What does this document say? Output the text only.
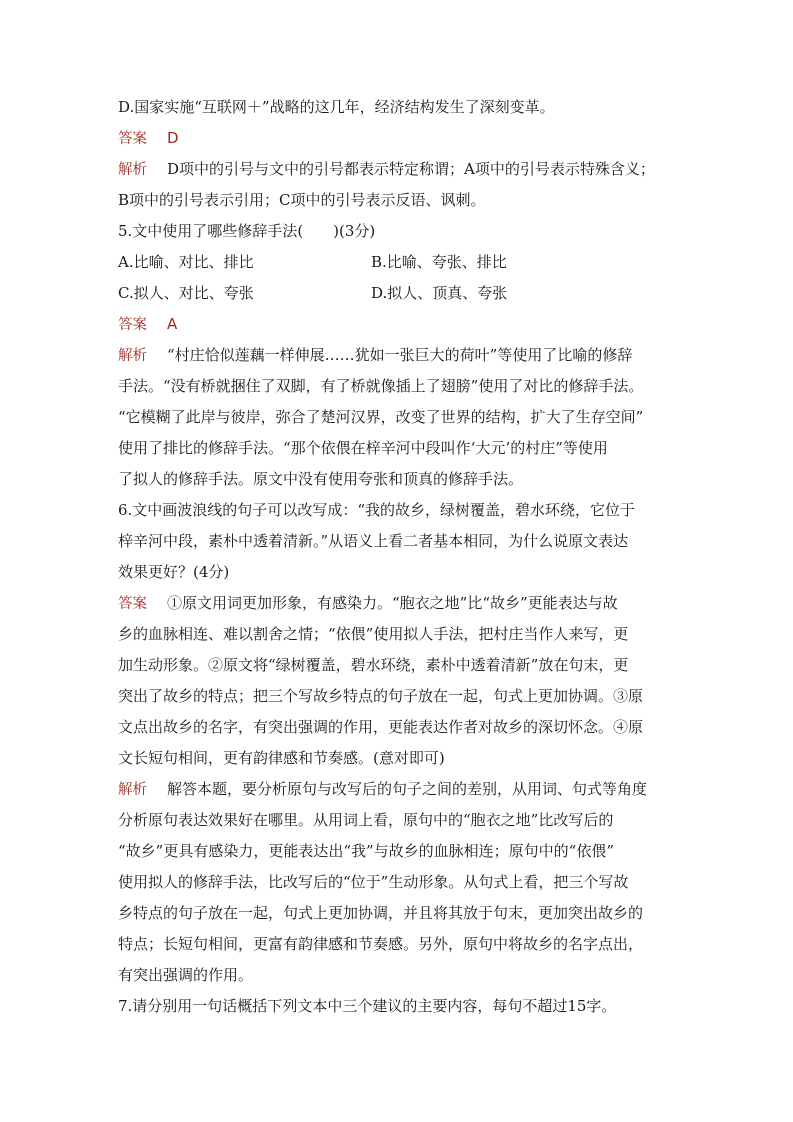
D.国家实施“互联网＋”战略的这几年，经济结构发生了深刻变革。
答案 D
解析 D项中的引号与文中的引号都表示特定称谓；A项中的引号表示特殊含义；
B项中的引号表示引用；C项中的引号表示反语、讽刺。
5.文中使用了哪些修辞手法(　　)(3分)
A.比喻、对比、排比	B.比喻、夸张、排比
C.拟人、对比、夸张	D.拟人、顶真、夸张
答案 A
解析 “村庄恰似莲藕一样伸展……犹如一张巨大的荷叶”等使用了比喻的修辞
手法。“没有桥就捆住了双脚，有了桥就像插上了翅膀”使用了对比的修辞手法。
“它模糊了此岸与彼岸，弥合了楚河汉界，改变了世界的结构，扩大了生存空间”
使用了排比的修辞手法。“那个依偎在梓辛河中段叫作‘大元’的村庄”等使用
了拟人的修辞手法。原文中没有使用夸张和顶真的修辞手法。
6.文中画波浪线的句子可以改写成：“我的故乡，绿树覆盖，碧水环绕，它位于
梓辛河中段，素朴中透着清新。”从语义上看二者基本相同，为什么说原文表达
效果更好？(4分)
答案 ①原文用词更加形象，有感染力。“胞衣之地”比“故乡”更能表达与故
乡的血脉相连、难以割舍之情；“依偎”使用拟人手法，把村庄当作人来写，更
加生动形象。②原文将“绿树覆盖，碧水环绕，素朴中透着清新”放在句末，更
突出了故乡的特点；把三个写故乡特点的句子放在一起，句式上更加协调。③原
文点出故乡的名字，有突出强调的作用，更能表达作者对故乡的深切怀念。④原
文长短句相间，更有韵律感和节奏感。(意对即可)
解析 解答本题，要分析原句与改写后的句子之间的差别，从用词、句式等角度
分析原句表达效果好在哪里。从用词上看，原句中的“胞衣之地”比改写后的
“故乡”更具有感染力，更能表达出“我”与故乡的血脉相连；原句中的“依偎”
使用拟人的修辞手法，比改写后的“位于”生动形象。从句式上看，把三个写故
乡特点的句子放在一起，句式上更加协调，并且将其放于句末，更加突出故乡的
特点；长短句相间，更富有韵律感和节奏感。另外，原句中将故乡的名字点出，
有突出强调的作用。
7.请分别用一句话概括下列文本中三个建议的主要内容，每句不超过15字。
